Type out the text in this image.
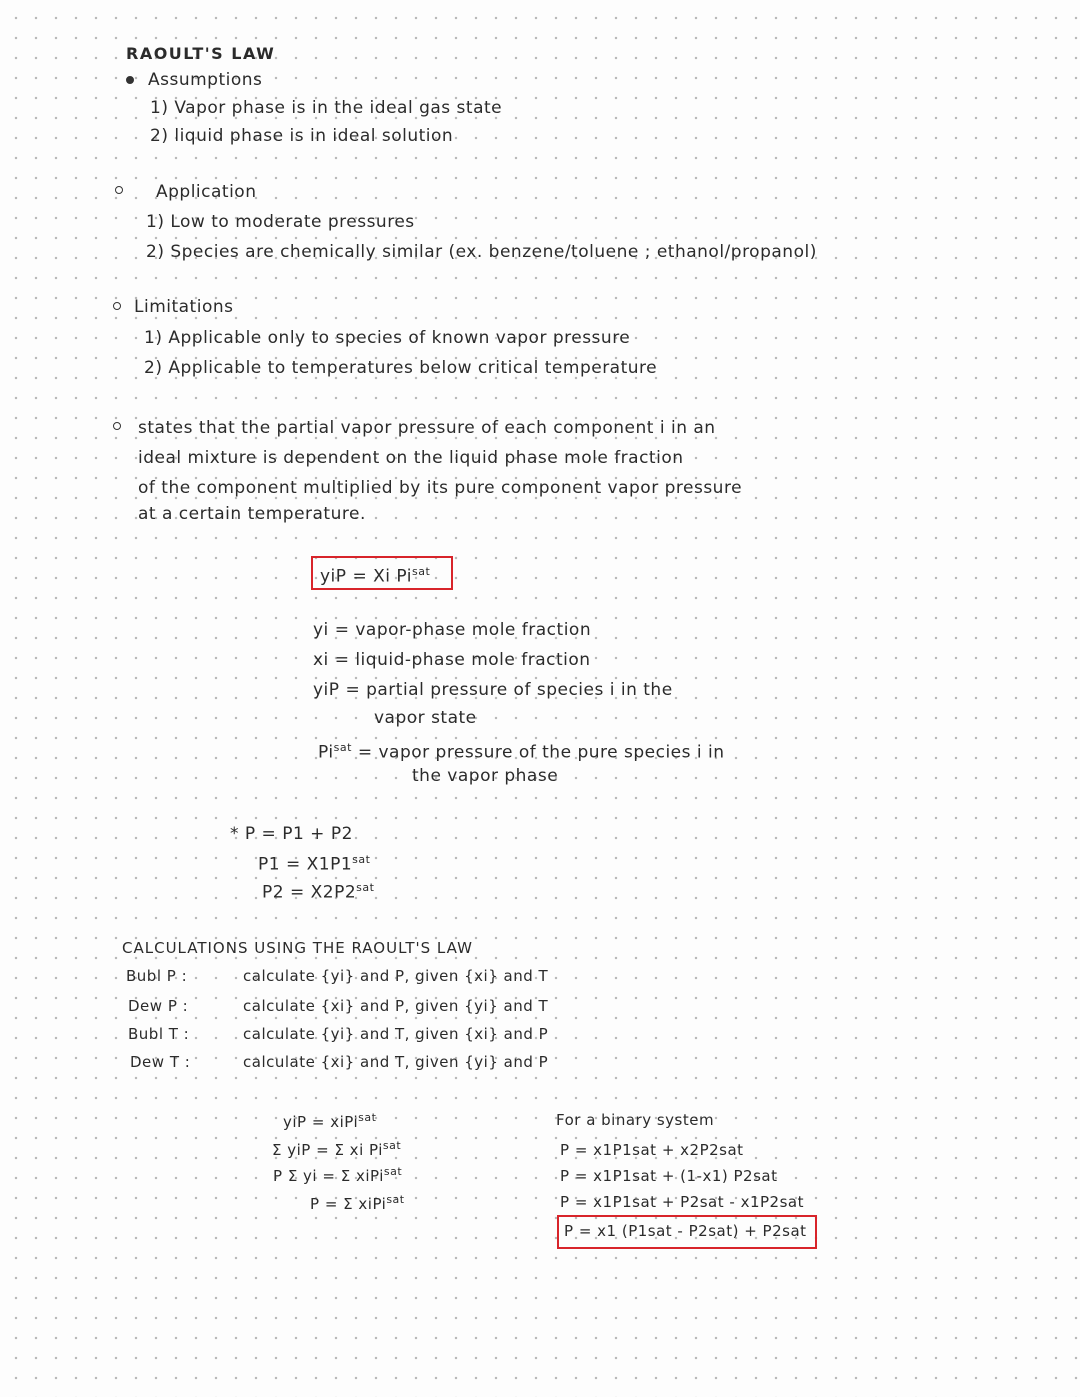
RAOULT'S LAW
Assumptions
1) Vapor phase is in the ideal gas state
2) liquid phase is in ideal solution
Application
1) Low to moderate pressures
2) Species are chemically similar (ex. benzene/toluene ; ethanol/propanol)
Limitations
1) Applicable only to species of known vapor pressure
2) Applicable to temperatures below critical temperature
states that the partial vapor pressure of each component i in an
ideal mixture is dependent on the liquid phase mole fraction
of the component multiplied by its pure component vapor pressure
at a certain temperature.
yiP = Xi $Pi^{sat}$
yi = vapor-phase mole fraction
xi = liquid-phase mole fraction
yiP = partial pressure of species i in the
vapor state
$Pi^{sat}$ = vapor pressure of the pure species i in
the vapor phase
* P = P1 + P2
$P1 = X1P1^{sat}$
$P2 = X2P2^{sat}$
CALCULATIONS USING THE RAOULT'S LAW
Bubl P :	calculate {yi} and P, given {xi} and T
Dew P :	calculate {xi} and P, given {yi} and T
Bubl T :	calculate {yi} and T, given {xi} and P
Dew T :	calculate {xi} and T, given {yi} and P
yiP = xiPi$^{sat}$
Σ yiP = Σ xi $Pi^{sat}$
P Σ yi = Σ xiPi$^{sat}$
P = Σ xiPi$^{sat}$
For a binary system
P = x1P1sat + x2P2sat
P = x1P1sat + (1-x1) P2sat
P = x1P1sat + P2sat - x1P2sat
P = x1 (P1sat - P2sat) + P2sat
